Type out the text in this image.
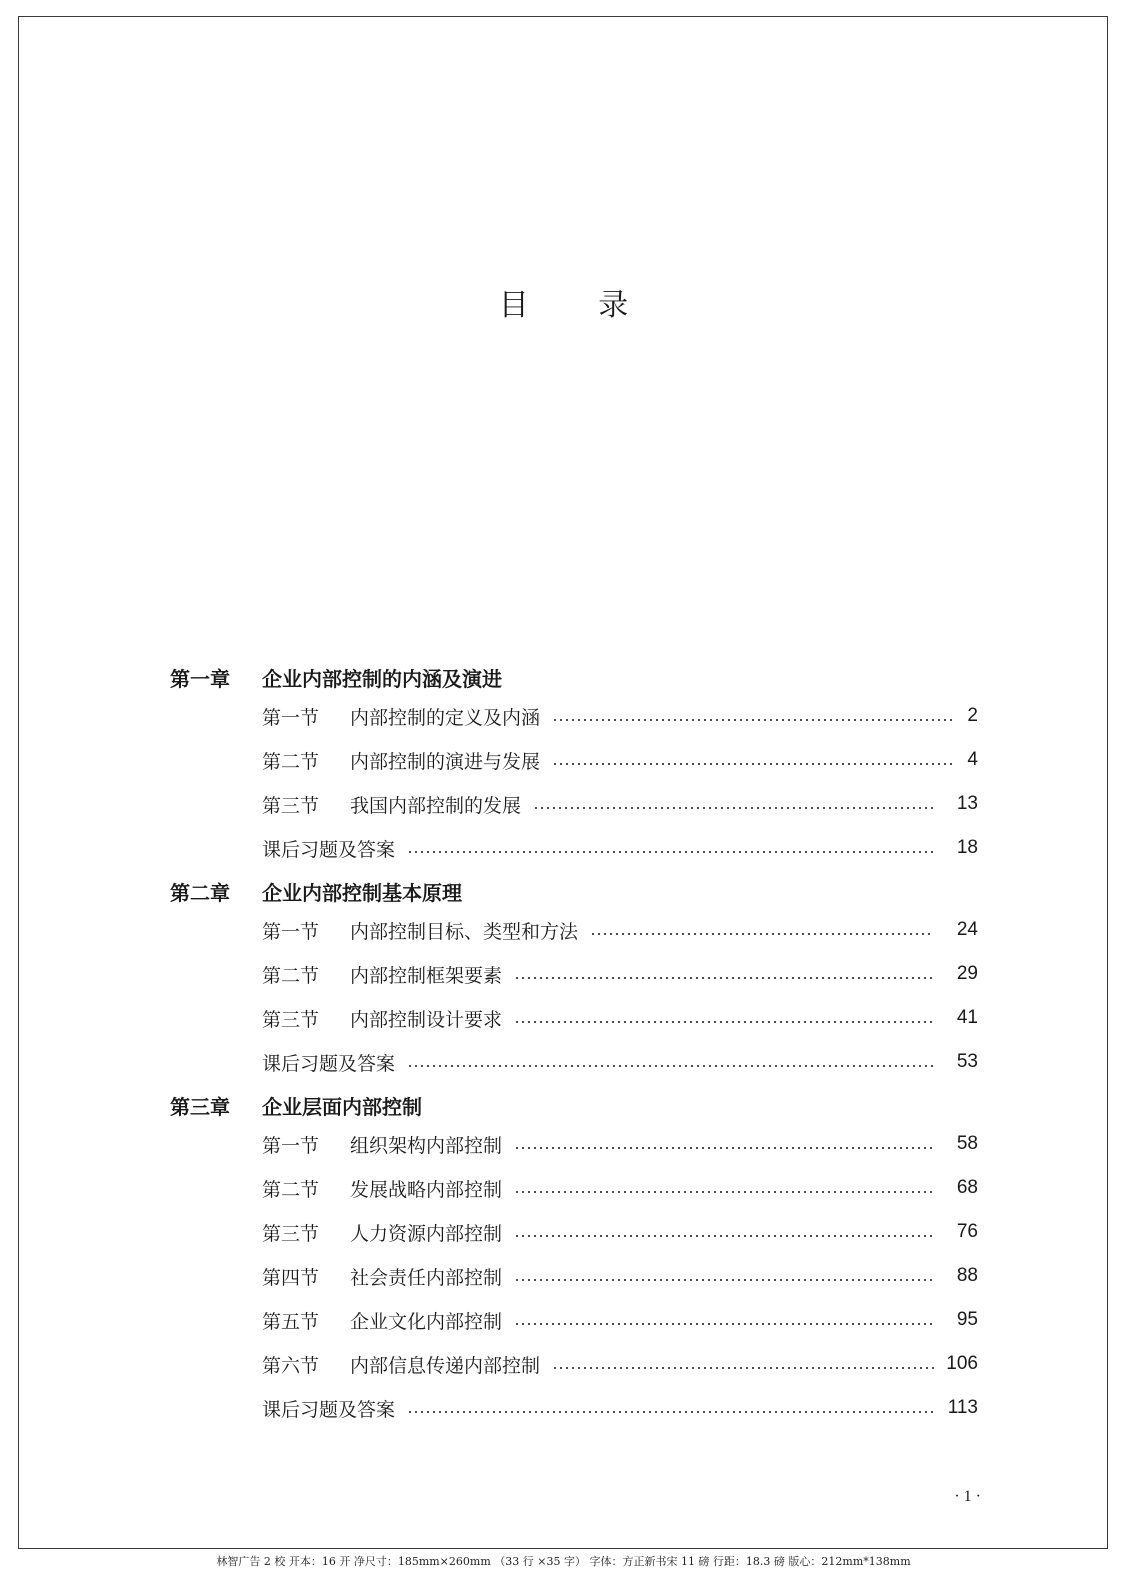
目 录
第一章	企业内部控制的内涵及演进
第一节	内部控制的定义及内涵	2
第二节	内部控制的演进与发展	4
第三节	我国内部控制的发展	13
课后习题及答案	18
第二章	企业内部控制基本原理
第一节	内部控制目标、类型和方法	24
第二节	内部控制框架要素	29
第三节	内部控制设计要求	41
课后习题及答案	53
第三章	企业层面内部控制
第一节	组织架构内部控制	58
第二节	发展战略内部控制	68
第三节	人力资源内部控制	76
第四节	社会责任内部控制	88
第五节	企业文化内部控制	95
第六节	内部信息传递内部控制	106
课后习题及答案	113
· 1 ·
林智广告 2 校 开本：16 开 净尺寸：185mm×260mm （33 行 ×35 字） 字体：方正新书宋 11 磅 行距：18.3 磅 版心：212mm*138mm
